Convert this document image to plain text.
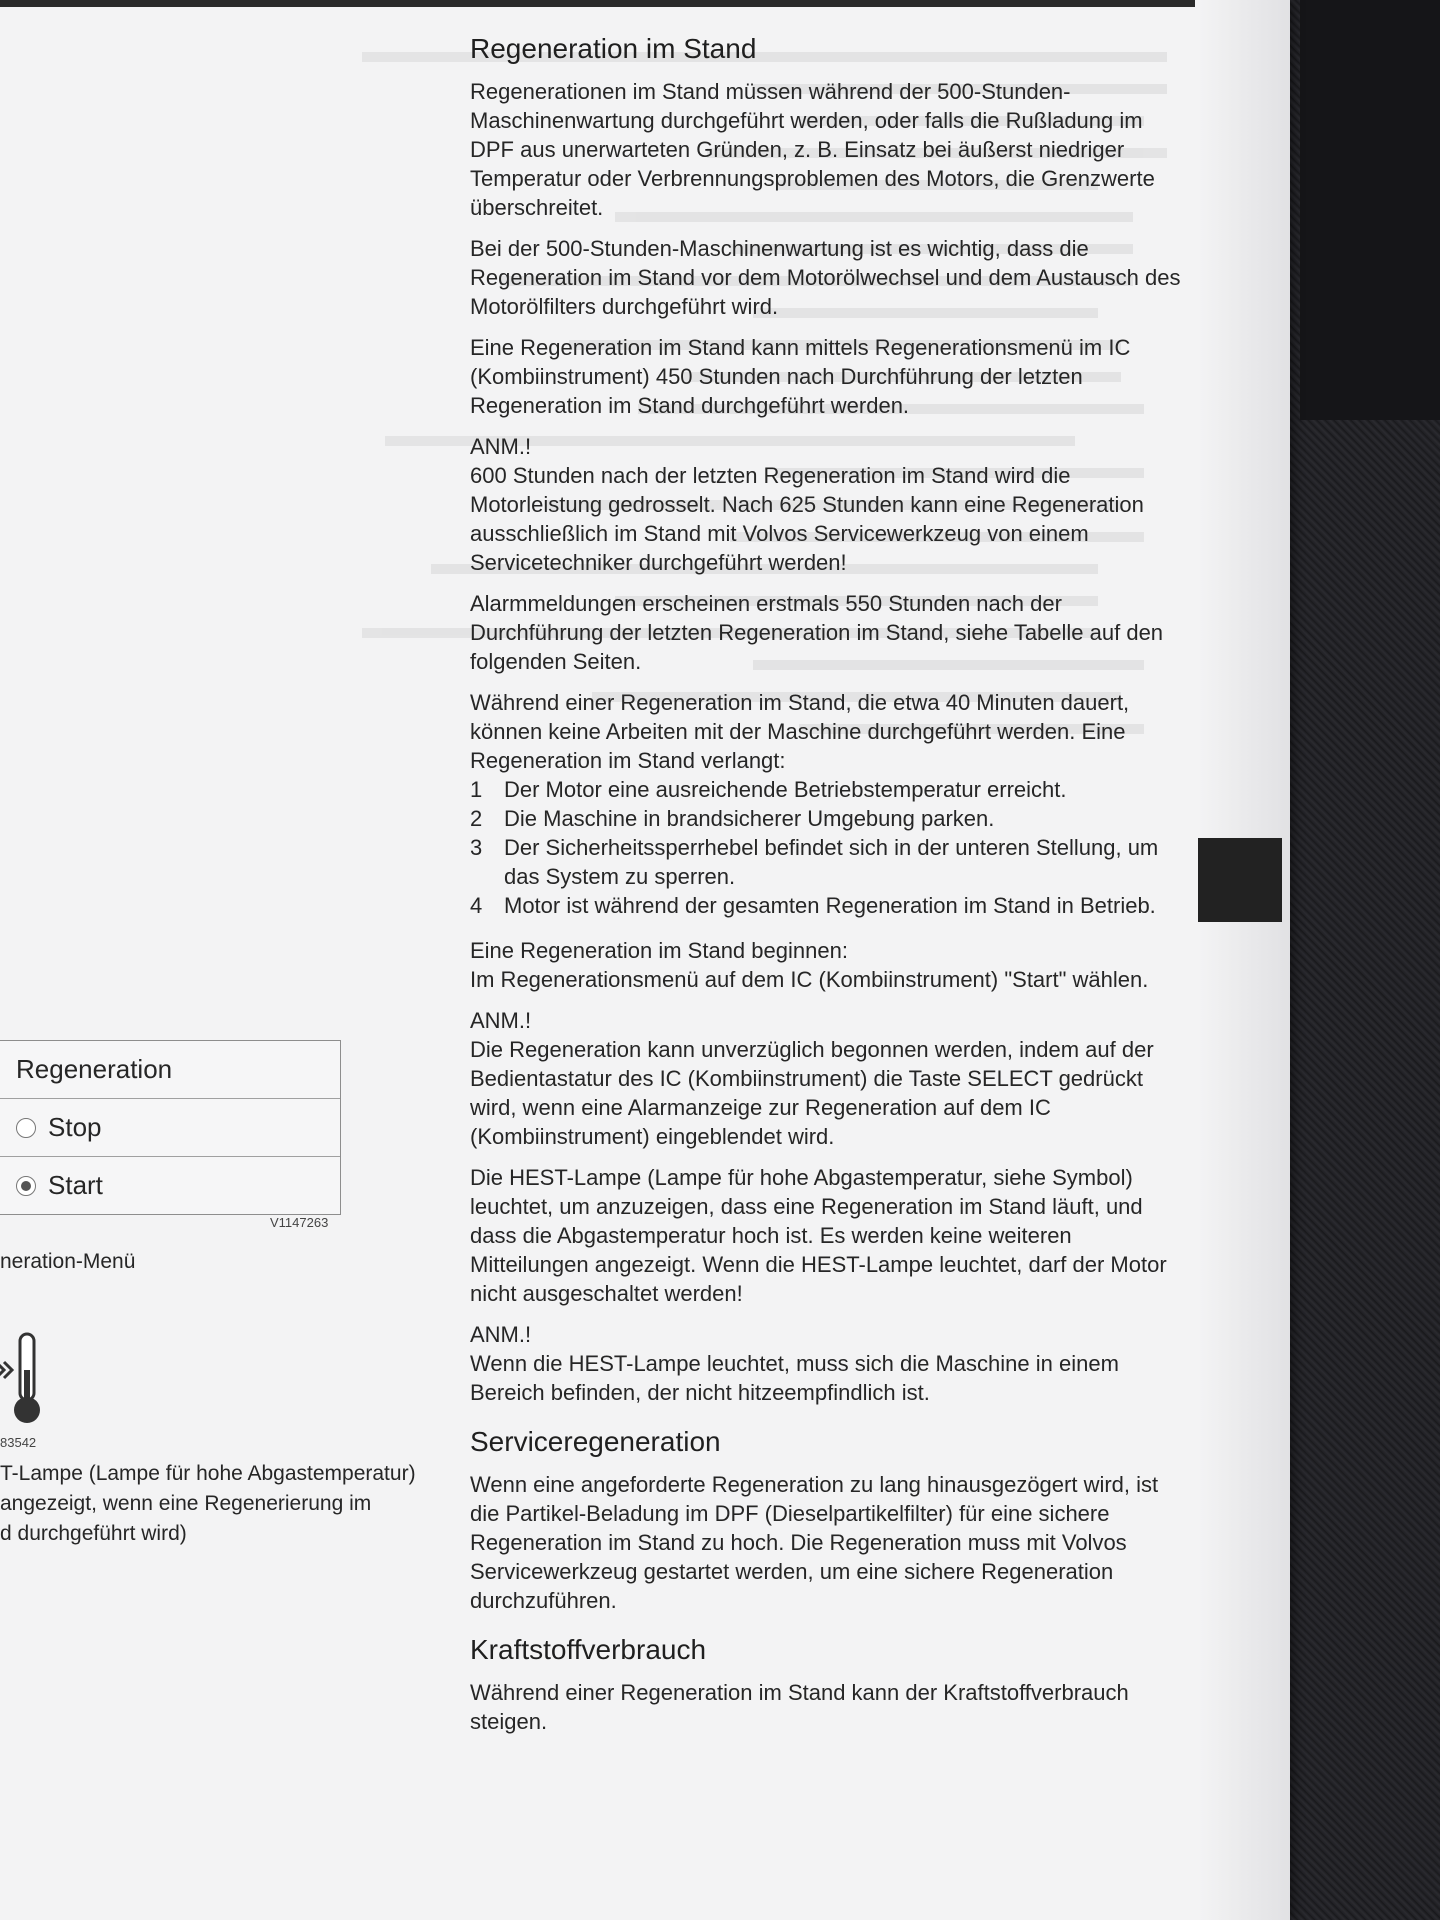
Regeneration im Stand

Regenerationen im Stand müssen während der 500-Stunden-Maschinenwartung durchgeführt werden, oder falls die Rußladung im DPF aus unerwarteten Gründen, z. B. Einsatz bei äußerst niedriger Temperatur oder Verbrennungsproblemen des Motors, die Grenzwerte überschreitet.

Bei der 500-Stunden-Maschinenwartung ist es wichtig, dass die Regeneration im Stand vor dem Motorölwechsel und dem Austausch des Motorölfilters durchgeführt wird.

Eine Regeneration im Stand kann mittels Regenerationsmenü im IC (Kombiinstrument) 450 Stunden nach Durchführung der letzten Regeneration im Stand durchgeführt werden.

ANM.!

600 Stunden nach der letzten Regeneration im Stand wird die Motorleistung gedrosselt. Nach 625 Stunden kann eine Regeneration ausschließlich im Stand mit Volvos Servicewerkzeug von einem Servicetechniker durchgeführt werden!

Alarmmeldungen erscheinen erstmals 550 Stunden nach der Durchführung der letzten Regeneration im Stand, siehe Tabelle auf den folgenden Seiten.

Während einer Regeneration im Stand, die etwa 40 Minuten dauert, können keine Arbeiten mit der Maschine durchgeführt werden. Eine Regeneration im Stand verlangt:

1 Der Motor eine ausreichende Betriebstemperatur erreicht.
2 Die Maschine in brandsicherer Umgebung parken.
3 Der Sicherheitssperrhebel befindet sich in der unteren Stellung, um das System zu sperren.
4 Motor ist während der gesamten Regeneration im Stand in Betrieb.
Eine Regeneration im Stand beginnen:

Im Regenerationsmenü auf dem IC (Kombiinstrument) "Start" wählen.

ANM.!

Die Regeneration kann unverzüglich begonnen werden, indem auf der Bedientastatur des IC (Kombiinstrument) die Taste SELECT gedrückt wird, wenn eine Alarmanzeige zur Regeneration auf dem IC (Kombiinstrument) eingeblendet wird.

Die HEST-Lampe (Lampe für hohe Abgastemperatur, siehe Symbol) leuchtet, um anzuzeigen, dass eine Regeneration im Stand läuft, und dass die Abgastemperatur hoch ist. Es werden keine weiteren Mitteilungen angezeigt. Wenn die HEST-Lampe leuchtet, darf der Motor nicht ausgeschaltet werden!

ANM.!

Wenn die HEST-Lampe leuchtet, muss sich die Maschine in einem Bereich befinden, der nicht hitzeempfindlich ist.

Serviceregeneration

Wenn eine angeforderte Regeneration zu lang hinausgezögert wird, ist die Partikel-Beladung im DPF (Dieselpartikelfilter) für eine sichere Regeneration im Stand zu hoch. Die Regeneration muss mit Volvos Servicewerkzeug gestartet werden, um eine sichere Regeneration durchzuführen.

Kraftstoffverbrauch

Während einer Regeneration im Stand kann der Kraftstoffverbrauch steigen.

Regeneration
Stop
Start
V1147263
neration-Menü
83542
T-Lampe (Lampe für hohe Abgastemperatur)
angezeigt, wenn eine Regenerierung im
d durchgeführt wird)
